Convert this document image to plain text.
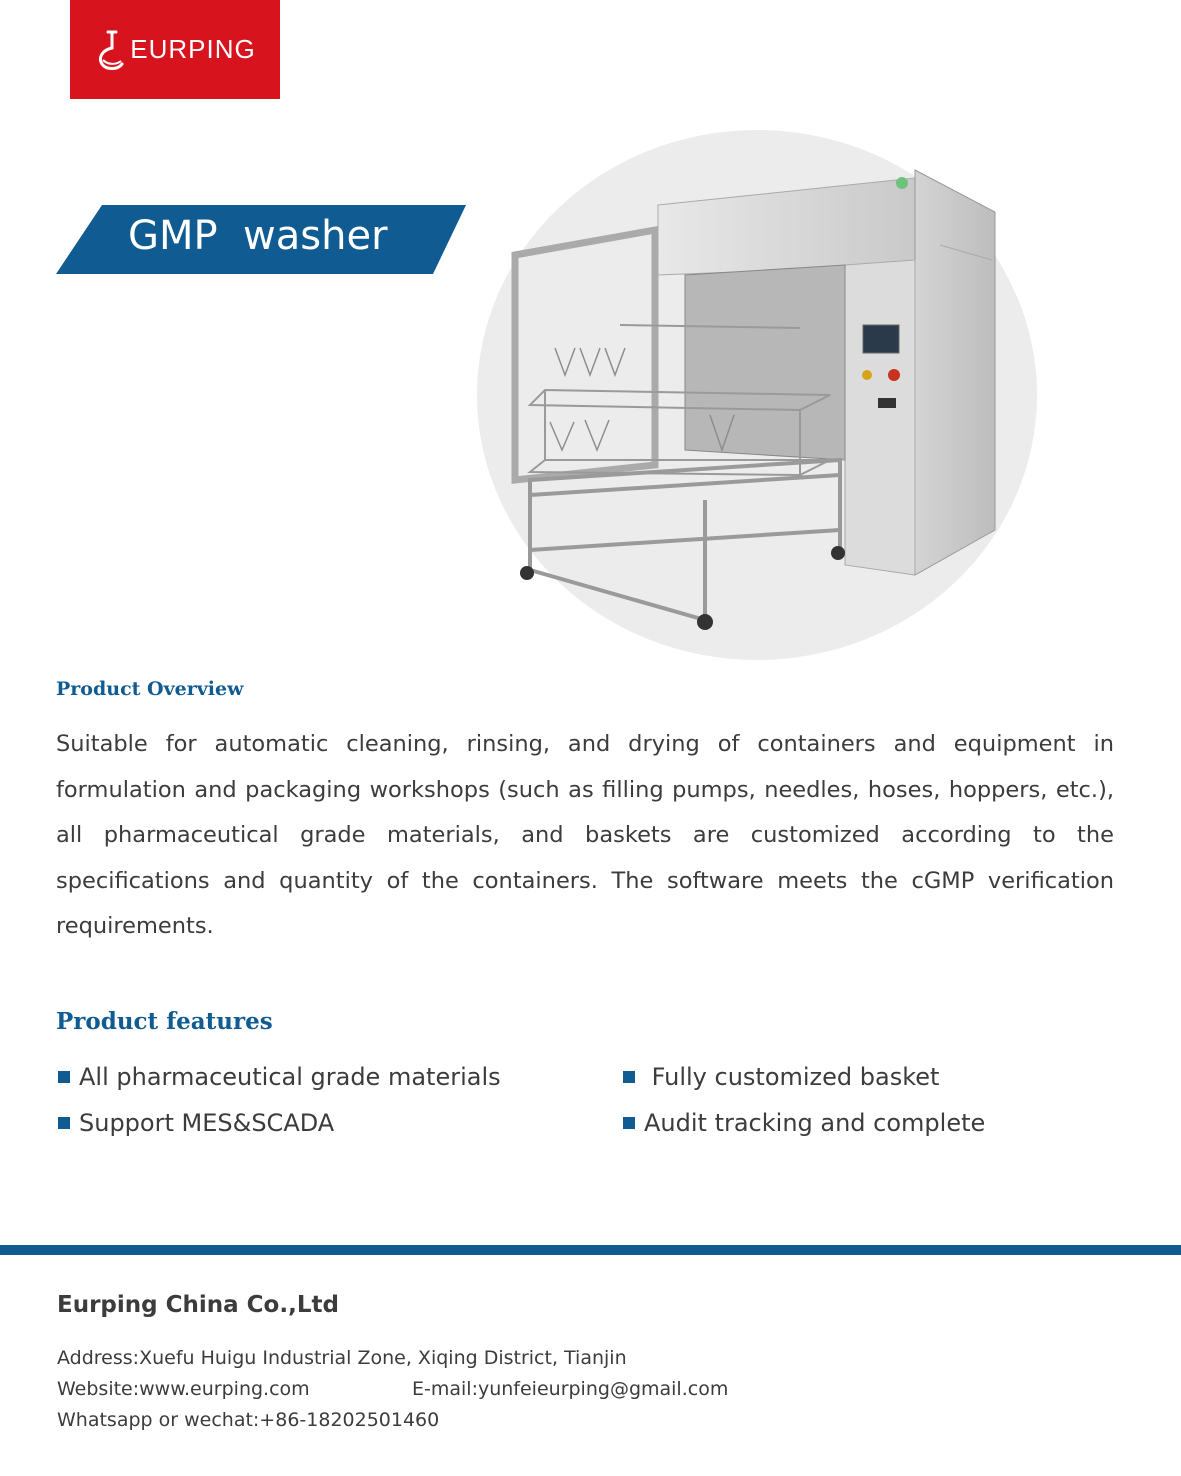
EURPING
GMP  washer
Product Overview
Suitable for automatic cleaning, rinsing, and drying of containers and equipment in formulation and packaging workshops (such as filling pumps, needles, hoses, hoppers, etc.), all pharmaceutical grade materials, and baskets are customized according to the specifications and quantity of the containers. The software meets the cGMP verification requirements.
Product features
All pharmaceutical grade materials	Fully customized basket
Support MES&SCADA	Audit tracking and complete
Eurping China Co.,Ltd
Address:Xuefu Huigu Industrial Zone, Xiqing District, Tianjin
Website:www.eurping.com	E-mail:yunfeieurping@gmail.com
Whatsapp or wechat:+86-18202501460
